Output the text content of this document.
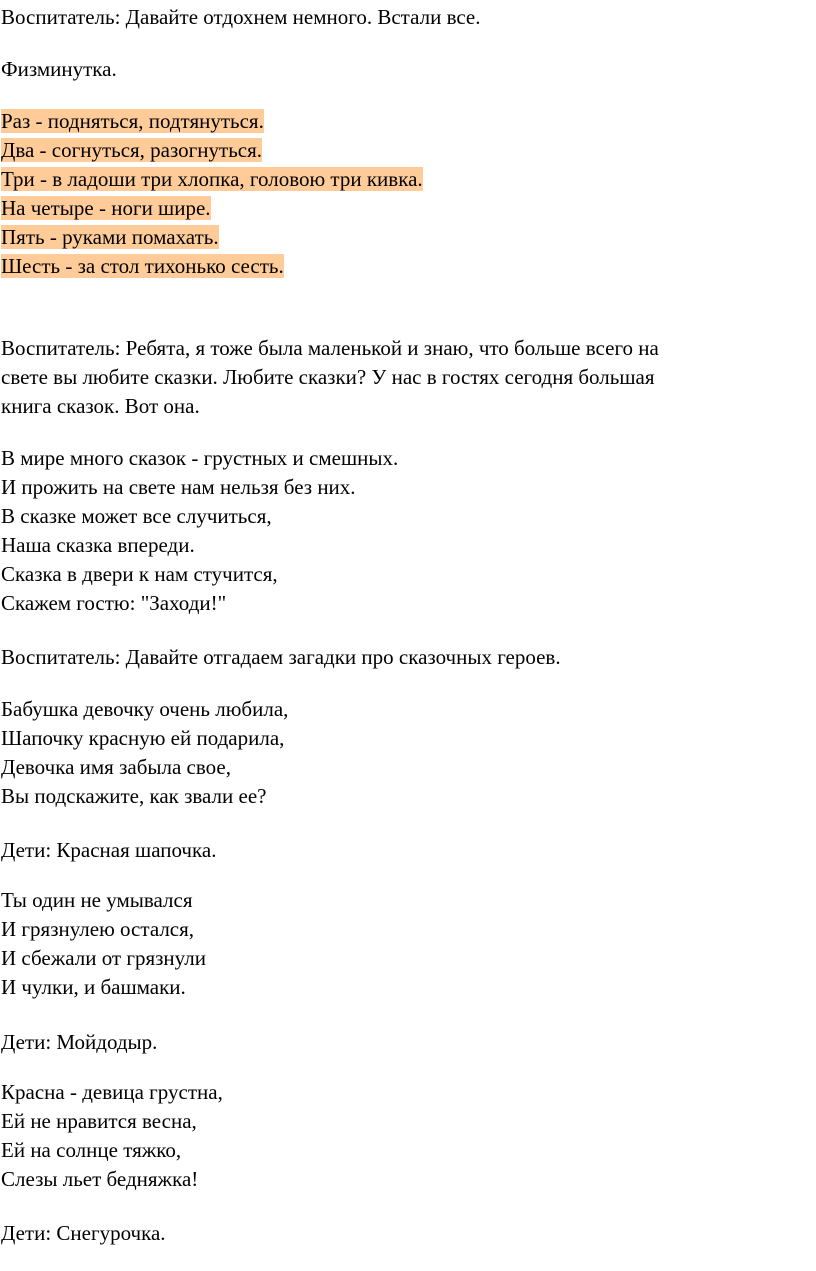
Воспитатель: Давайте отдохнем немного. Встали все.

Физминутка.

Раз - подняться, подтянуться.
Два - согнуться, разогнуться.
Три - в ладоши три хлопка, головою три кивка.
На четыре - ноги шире.
Пять - руками помахать.
Шесть - за стол тихонько сесть.
Воспитатель: Ребята, я тоже была маленькой и знаю, что больше всего на
свете вы любите сказки. Любите сказки? У нас в гостях сегодня большая
книга сказок. Вот она.
В мире много сказок - грустных и смешных.
И прожить на свете нам нельзя без них.
В сказке может все случиться,
Наша сказка впереди.
Сказка в двери к нам стучится,
Скажем гостю: "Заходи!"

Воспитатель: Давайте отгадаем загадки про сказочных героев.

Бабушка девочку очень любила,
Шапочку красную ей подарила,
Девочка имя забыла свое,
Вы подскажите, как звали ее?

Дети: Красная шапочка.

Ты один не умывался
И грязнулею остался,
И сбежали от грязнули
И чулки, и башмаки.

Дети: Мойдодыр.

Красна - девица грустна,
Ей не нравится весна,
Ей на солнце тяжко,
Слезы льет бедняжка!

Дети: Снегурочка.
